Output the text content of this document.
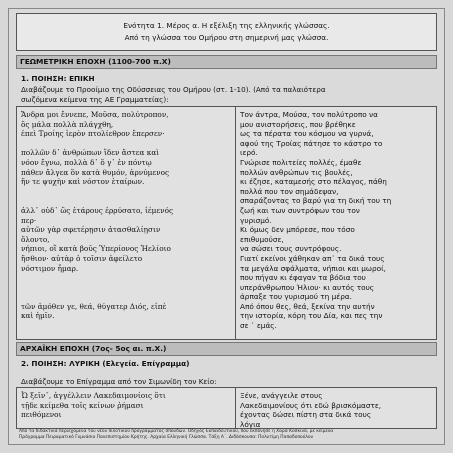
Ενότητα 1. Μέρος α. Η εξέλιξη της ελληνικής γλώσσας.
Από τη γλώσσα του Ομήρου στη σημερινή μας γλώσσα.
ΓΕΩΜΕΤΡΙΚΗ ΕΠΟΧΗ (1100-700 π.Χ)
1. ΠΟΙΗΣΗ: ΕΠΙΚΗ
Διαβάζουμε το Προοίμιο της Οδύσσειας του Ομήρου (στ. 1-10). (Από τα παλαιότερα
σωζόμενα κείμενα της ΑΕ Γραμματείας):
Ἄνδρα μοι ἔννεπε, Μοῦσα, πολύτροπον,
ὃς μάλα πολλὰ πλάγχθη,
ἐπεὶ Τροίης ἱερὸν πτολίεθρον ἔπερσεν·
πολλῶν δ᾽ ἀνθρώπων ἴδεν ἄστεα καὶ
νόον ἔγνω, πολλὰ δ᾽ ὅ γ᾽ ἐν πόντῳ
πάθεν ἄλγεα ὃν κατὰ θυμόν, ἀρνύμενος
ἥν τε ψυχὴν καὶ νόστον ἑταίρων.
ἀλλ᾽ οὐδ᾽ ὣς ἑτάρους ἐρρύσατο, ἱέμενός
περ·
αὐτῶν γὰρ σφετέρῃσιν ἀτασθαλίῃσιν
ὄλοντο,
νήπιοι, οἳ κατὰ βοῦς Ὑπερίονος Ἠελίοιο
ἤσθιον· αὐτὰρ ὁ τοῖσιν ἀφείλετο
νόστιμον ἦμαρ.
τῶν ἁμόθεν γε, θεά, θύγατερ Διός, εἰπὲ
καὶ ἡμῖν.
Τον άντρα, Μούσα, τον πολύτροπο να
μου ανιστορήσεις, που βρέθηκε
ως τα πέρατα του κόσμου να γυρνά,
αφού της Τροίας πάτησε το κάστρο το
ιερό.
Γνώρισε πολιτείες πολλές, έμαθε
πολλών ανθρώπων τις βουλές,
κι έζησε, καταμεσής στο πέλαγος, πάθη
πολλά που τον σημάδεψαν,
σπαράζοντας το βαρύ για τη δική του τη
ζωή και των συντρόφων του τον
γυρισμό.
Κι όμως δεν μπόρεσε, που τόσο
επιθυμούσε,
να σώσει τους συντρόφους.
Γιατί εκείνοι χάθηκαν απ᾽ τα δικά τους
τα μεγάλα σφάλματα, νήπιοι και μωροί,
που πήγαν κι έφαγαν τα βόδια του
υπεράνθρωπου Ήλιου· κι αυτός τους
άρπαξε του γυρισμού τη μέρα.
Από όπου θες, θεά, ξεκίνα την αυτήν
την ιστορία, κόρη του Δία, και πες την
σε ᾽ εμάς.
ΑΡΧΑΪΚΗ ΕΠΟΧΗ (7ος- 5ος αι. π.Χ.)
2. ΠΟΙΗΣΗ: ΛΥΡΙΚΗ (Ελεγεία. Επίγραμμα)
Διαβάζουμε το Επίγραμμα από τον Σιμωνίδη τον Κείο:
Ὦ ξεῖν᾽, ἀγγέλλειν Λακεδαιμονίοις ὅτι
τῇδε κείμεθα τοῖς κείνων ῥήμασι
πειθόμενοι
Ξένε, ανάγγειλε στους
Λακεδαιμονίους ότι εδώ βρισκόμαστε,
έχοντας δώσει πίστη στα δικά τους
λόγια
Από τα διδακτικά περιεχόμενα του νέου πιλοτικού προγράμματος σπουδών. Οδηγός Εκπαιδευτικού, που εκπόνησε η Χαρά Κοσκινά, με κείμενα
Πρόγραμμα Πειραματικό Γυμνάσιο Πανεπιστημίου Κρήτης. Αρχαία Ελληνική Γλώσσα. Τάξη Α΄. Διδάσκουσα: Πολυτίμη Παπαδοπούλου
